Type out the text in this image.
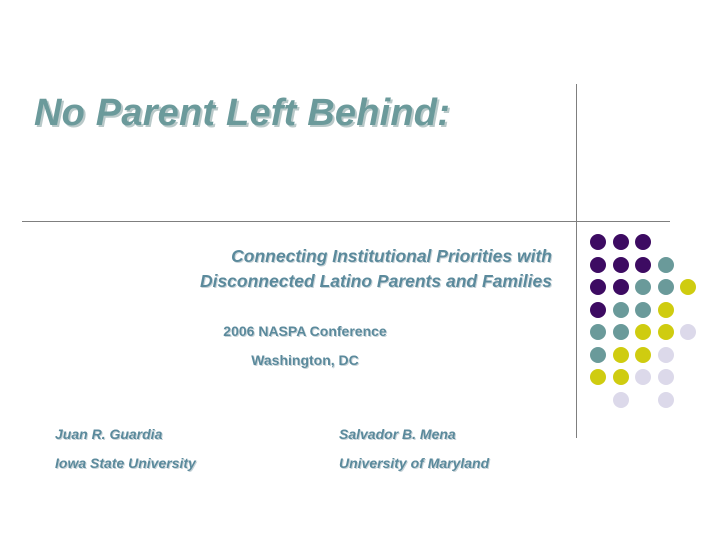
No Parent Left Behind:
Connecting Institutional Priorities with
Disconnected Latino Parents and Families
2006 NASPA Conference
Washington, DC
Juan R. Guardia
Iowa State University
Salvador B. Mena
University of Maryland
